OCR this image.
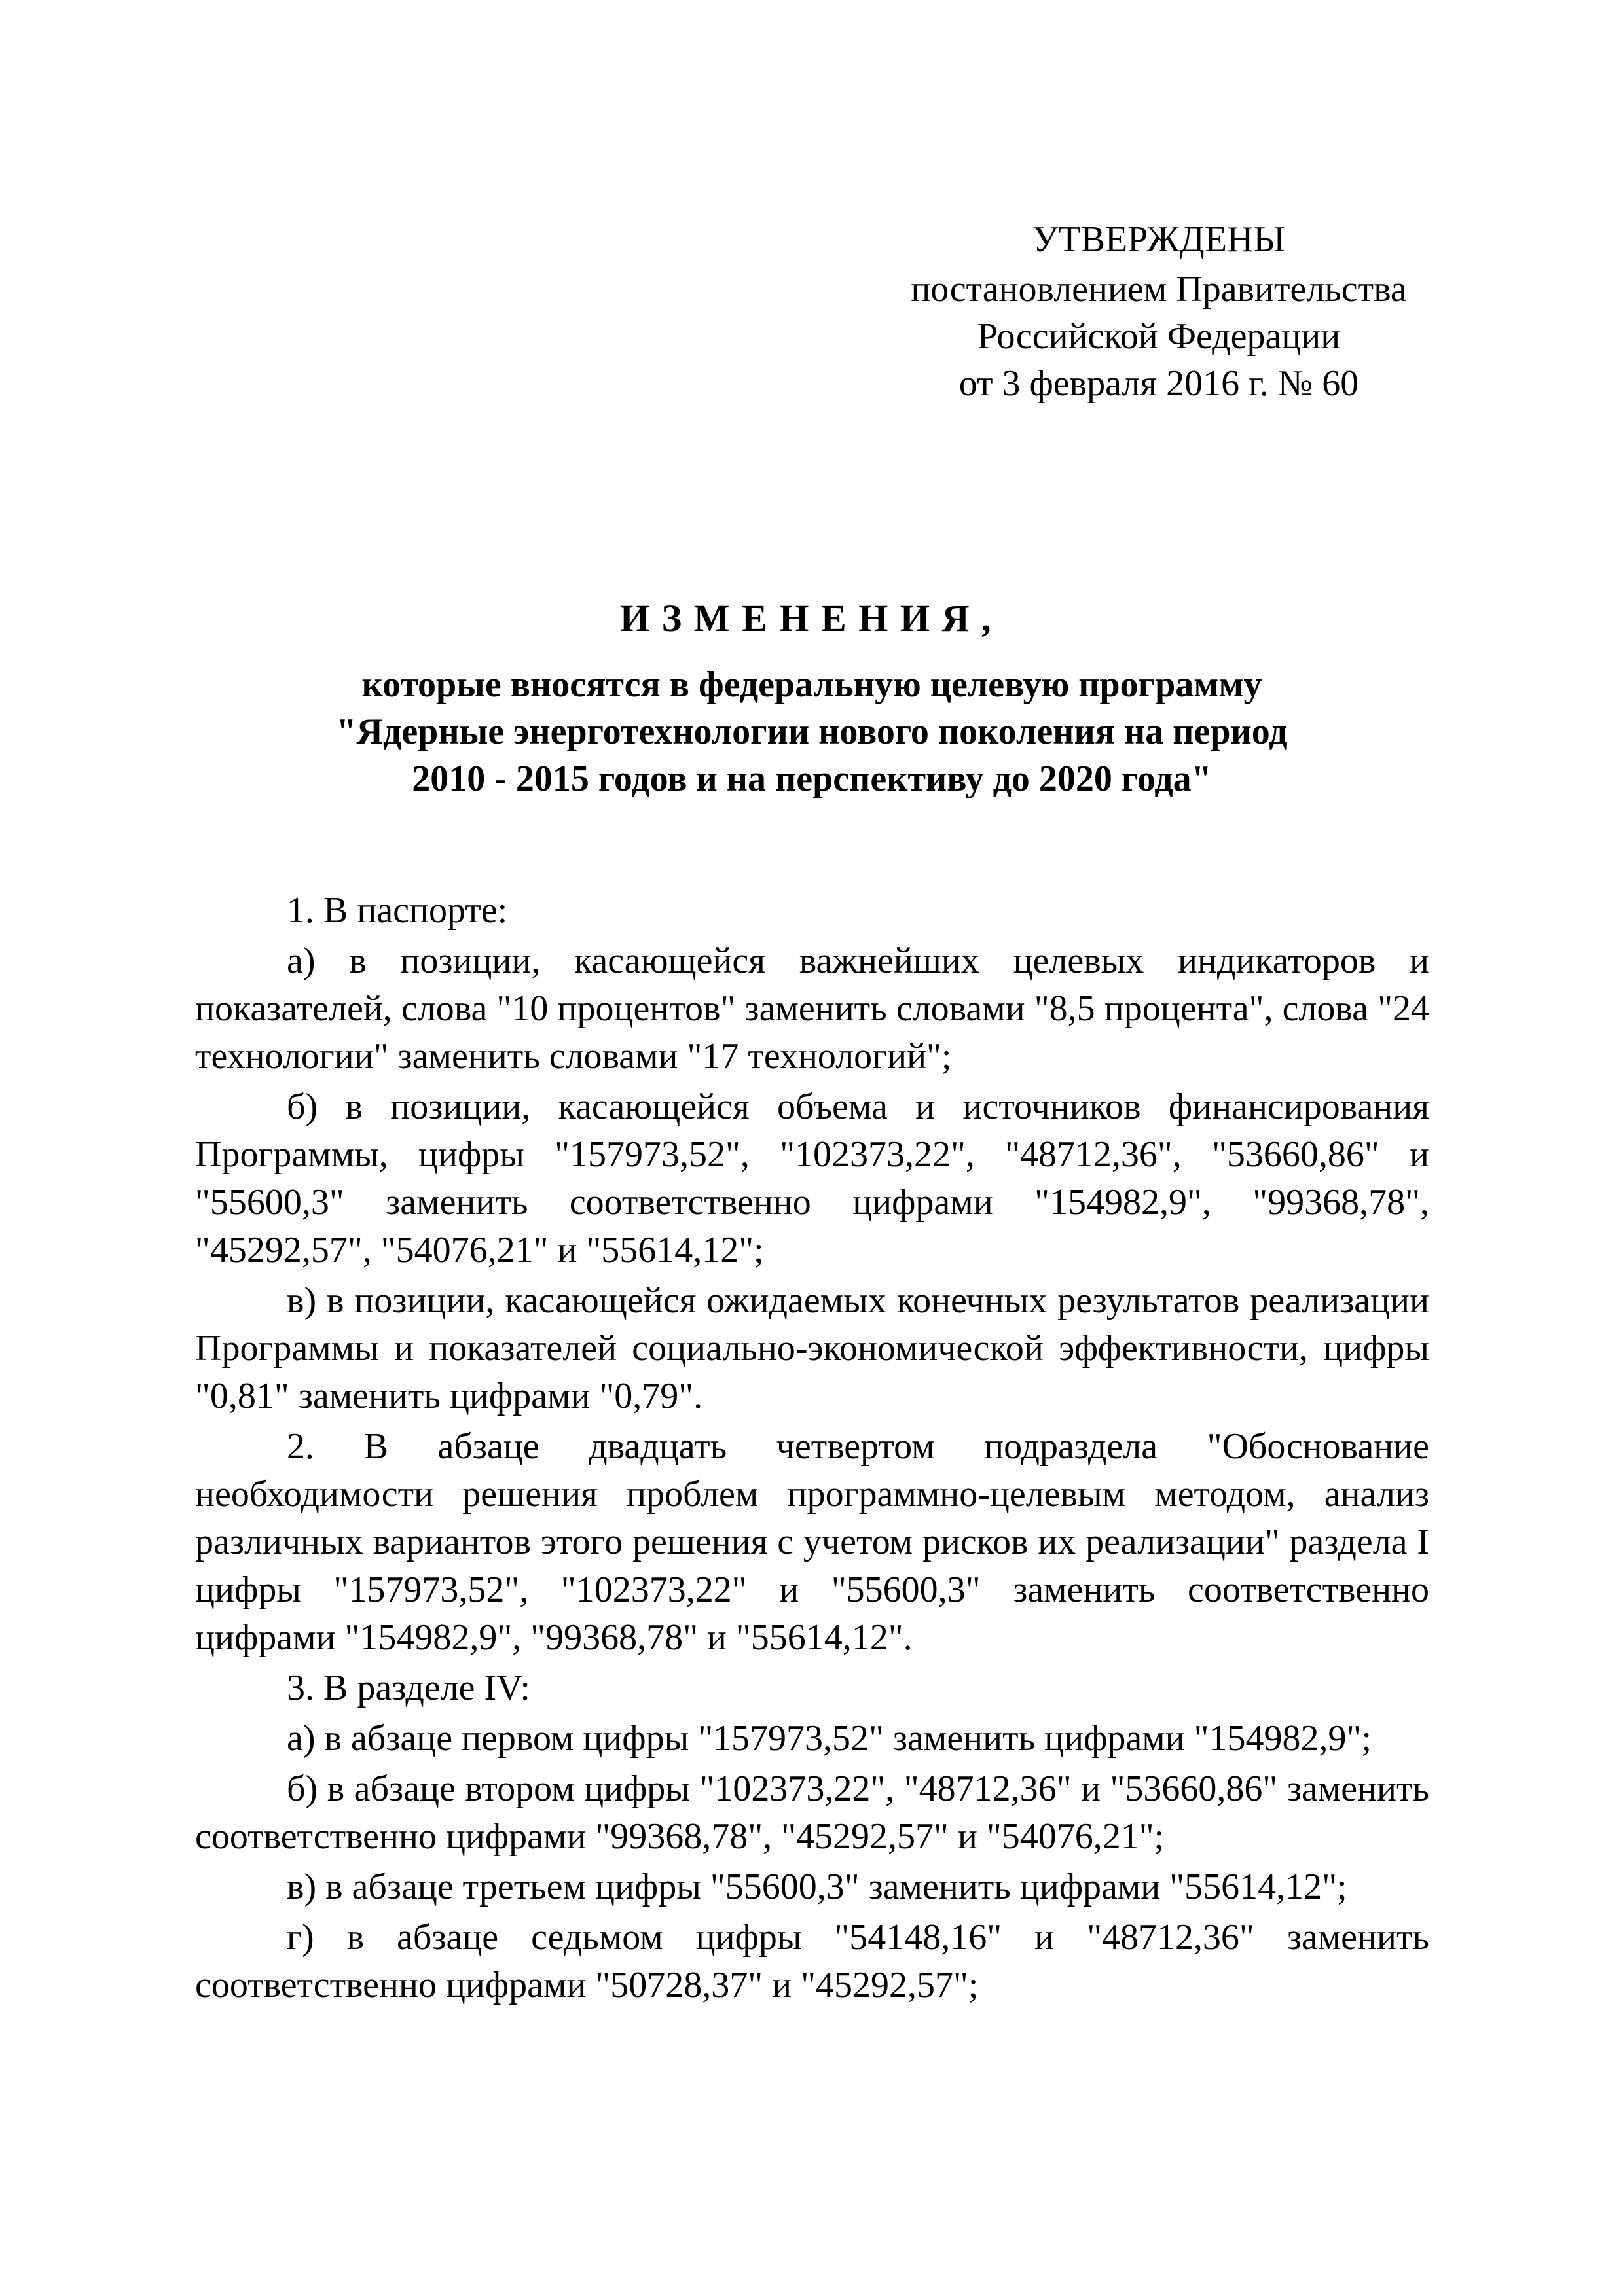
УТВЕРЖДЕНЫ
постановлением Правительства
Российской Федерации
от 3 февраля 2016 г. № 60
ИЗМЕНЕНИЯ,
которые вносятся в федеральную целевую программу
"Ядерные энерготехнологии нового поколения на период
2010 - 2015 годов и на перспективу до 2020 года"

1. В паспорте:

а) в позиции, касающейся важнейших целевых индикаторов и показателей, слова "10 процентов" заменить словами "8,5 процента", слова "24 технологии" заменить словами "17 технологий";

б) в позиции, касающейся объема и источников финансирования Программы, цифры "157973,52", "102373,22", "48712,36", "53660,86" и "55600,3" заменить соответственно цифрами "154982,9", "99368,78", "45292,57", "54076,21" и "55614,12";

в) в позиции, касающейся ожидаемых конечных результатов реализации Программы и показателей социально-экономической эффективности, цифры "0,81" заменить цифрами "0,79".

2. В абзаце двадцать четвертом подраздела "Обоснование необходимости решения проблем программно-целевым методом, анализ различных вариантов этого решения с учетом рисков их реализации" раздела I цифры "157973,52", "102373,22" и "55600,3" заменить соответственно цифрами "154982,9", "99368,78" и "55614,12".

3. В разделе IV:

а) в абзаце первом цифры "157973,52" заменить цифрами "154982,9";

б) в абзаце втором цифры "102373,22", "48712,36" и "53660,86" заменить соответственно цифрами "99368,78", "45292,57" и "54076,21";

в) в абзаце третьем цифры "55600,3" заменить цифрами "55614,12";

г) в абзаце седьмом цифры "54148,16" и "48712,36" заменить соответственно цифрами "50728,37" и "45292,57";
